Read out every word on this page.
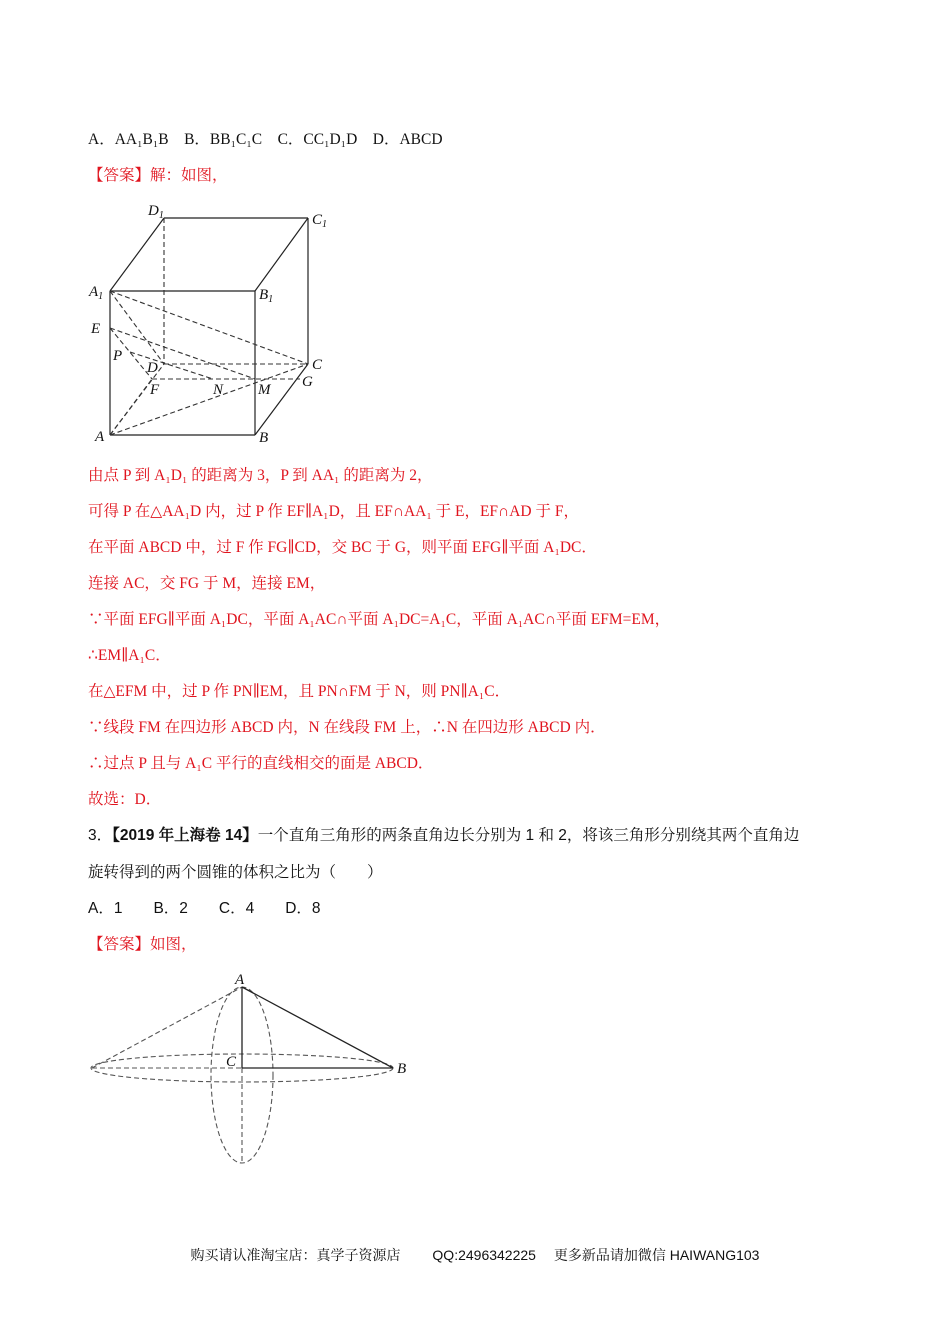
A．AA₁B₁B　B．BB₁C₁C　C．CC₁D₁D　D．ABCD
【答案】解：如图，
$D_1$	$C_1$
$A_1$	$B_1$
E
P
D	C
F	N M G
A	B
由点 P 到 A₁D₁ 的距离为 3，P 到 AA₁ 的距离为 2，
可得 P 在△AA₁D 内，过 P 作 EF∥A₁D，且 EF∩AA₁ 于 E，EF∩AD 于 F，
在平面 ABCD 中，过 F 作 FG∥CD，交 BC 于 G，则平面 EFG∥平面 A₁DC．
连接 AC，交 FG 于 M，连接 EM，
∵平面 EFG∥平面 A₁DC，平面 A₁AC∩平面 A₁DC=A₁C，平面 A₁AC∩平面 EFM=EM，
∴EM∥A₁C．
在△EFM 中，过 P 作 PN∥EM，且 PN∩FM 于 N，则 PN∥A₁C．
∵线段 FM 在四边形 ABCD 内，N 在线段 FM 上，∴N 在四边形 ABCD 内．
∴过点 P 且与 A₁C 平行的直线相交的面是 ABCD．
故选：D．
3．【2019 年上海卷 14】一个直角三角形的两条直角边长分别为 1 和 2，将该三角形分别绕其两个直角边
旋转得到的两个圆锥的体积之比为（　　）
A．1　　B．2　　C．4　　D．8
【答案】如图，
A
C	B
购买请认准淘宝店：真学子资源店 QQ:2496342225 更多新品请加微信 HAIWANG103
